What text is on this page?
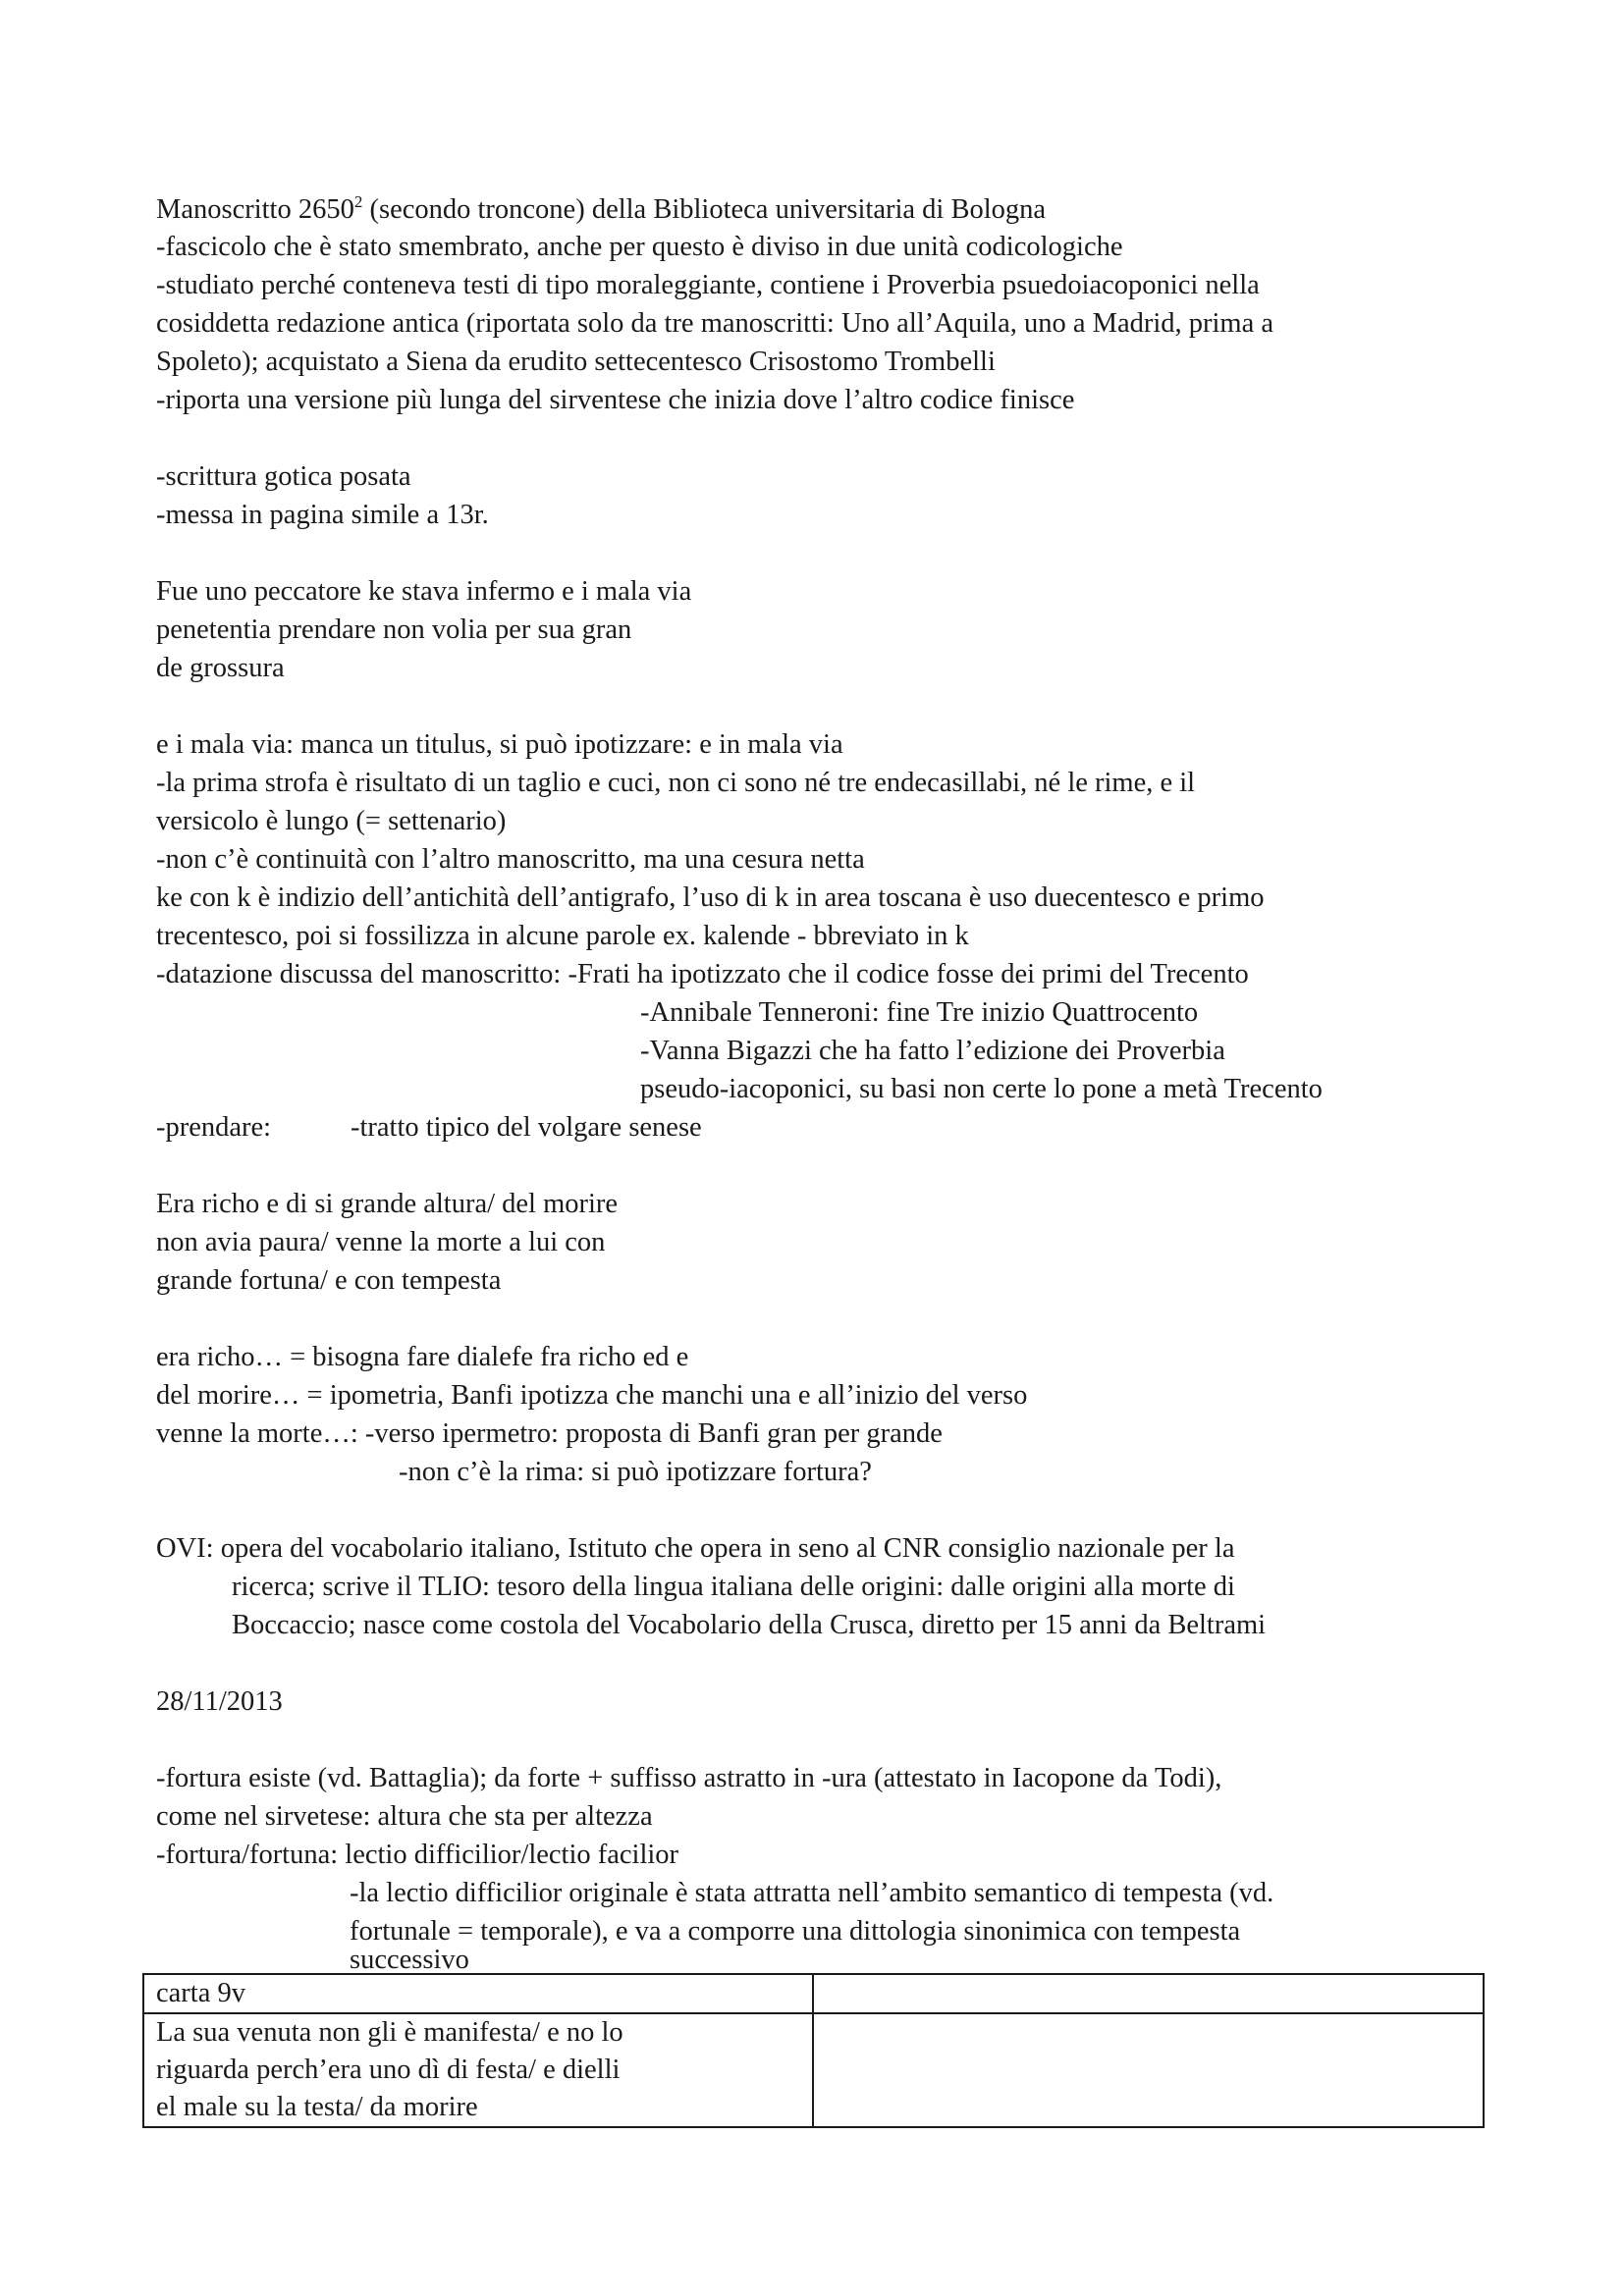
Manoscritto 2650$^2$ (secondo troncone) della Biblioteca universitaria di Bologna

-fascicolo che è stato smembrato, anche per questo è diviso in due unità codicologiche

-studiato perché conteneva testi di tipo moraleggiante, contiene i Proverbia psuedoiacoponici nella

cosiddetta redazione antica (riportata solo da tre manoscritti: Uno all’Aquila, uno a Madrid, prima a

Spoleto); acquistato a Siena da erudito settecentesco Crisostomo Trombelli

-riporta una versione più lunga del sirventese che inizia dove l’altro codice finisce

-scrittura gotica posata

-messa in pagina simile a 13r.

Fue uno peccatore ke stava infermo e i mala via

penetentia prendare non volia per sua gran

de grossura

e i mala via: manca un titulus, si può ipotizzare: e in mala via

-la prima strofa è risultato di un taglio e cuci, non ci sono né tre endecasillabi, né le rime, e il

versicolo è lungo (= settenario)

-non c’è continuità con l’altro manoscritto, ma una cesura netta

ke con k è indizio dell’antichità dell’antigrafo, l’uso di k in area toscana è uso duecentesco e primo

trecentesco, poi si fossilizza in alcune parole ex. kalende - bbreviato in k

-datazione discussa del manoscritto: -Frati ha ipotizzato che il codice fosse dei primi del Trecento

-Annibale Tenneroni: fine Tre inizio Quattrocento

-Vanna Bigazzi che ha fatto l’edizione dei Proverbia

pseudo-iacoponici, su basi non certe lo pone a metà Trecento

-prendare:	-tratto tipico del volgare senese

Era richo e di si grande altura/ del morire

non avia paura/ venne la morte a lui con

grande fortuna/ e con tempesta

era richo… = bisogna fare dialefe fra richo ed e

del morire… = ipometria, Banfi ipotizza che manchi una e all’inizio del verso

venne la morte…: -verso ipermetro: proposta di Banfi gran per grande

-non c’è la rima: si può ipotizzare fortura?

OVI: opera del vocabolario italiano, Istituto che opera in seno al CNR consiglio nazionale per la

ricerca; scrive il TLIO: tesoro della lingua italiana delle origini: dalle origini alla morte di

Boccaccio; nasce come costola del Vocabolario della Crusca, diretto per 15 anni da Beltrami

28/11/2013

-fortura esiste (vd. Battaglia); da forte + suffisso astratto in -ura (attestato in Iacopone da Todi),

come nel sirvetese: altura che sta per altezza

-fortura/fortuna: lectio difficilior/lectio facilior

-la lectio difficilior originale è stata attratta nell’ambito semantico di tempesta (vd.

fortunale = temporale), e va a comporre una dittologia sinonimica con tempesta

successivo

carta 9v	

La sua venuta non gli è manifesta/ e no lo
riguarda perch’era uno dì di festa/ e dielli
el male su la testa/ da morire	
